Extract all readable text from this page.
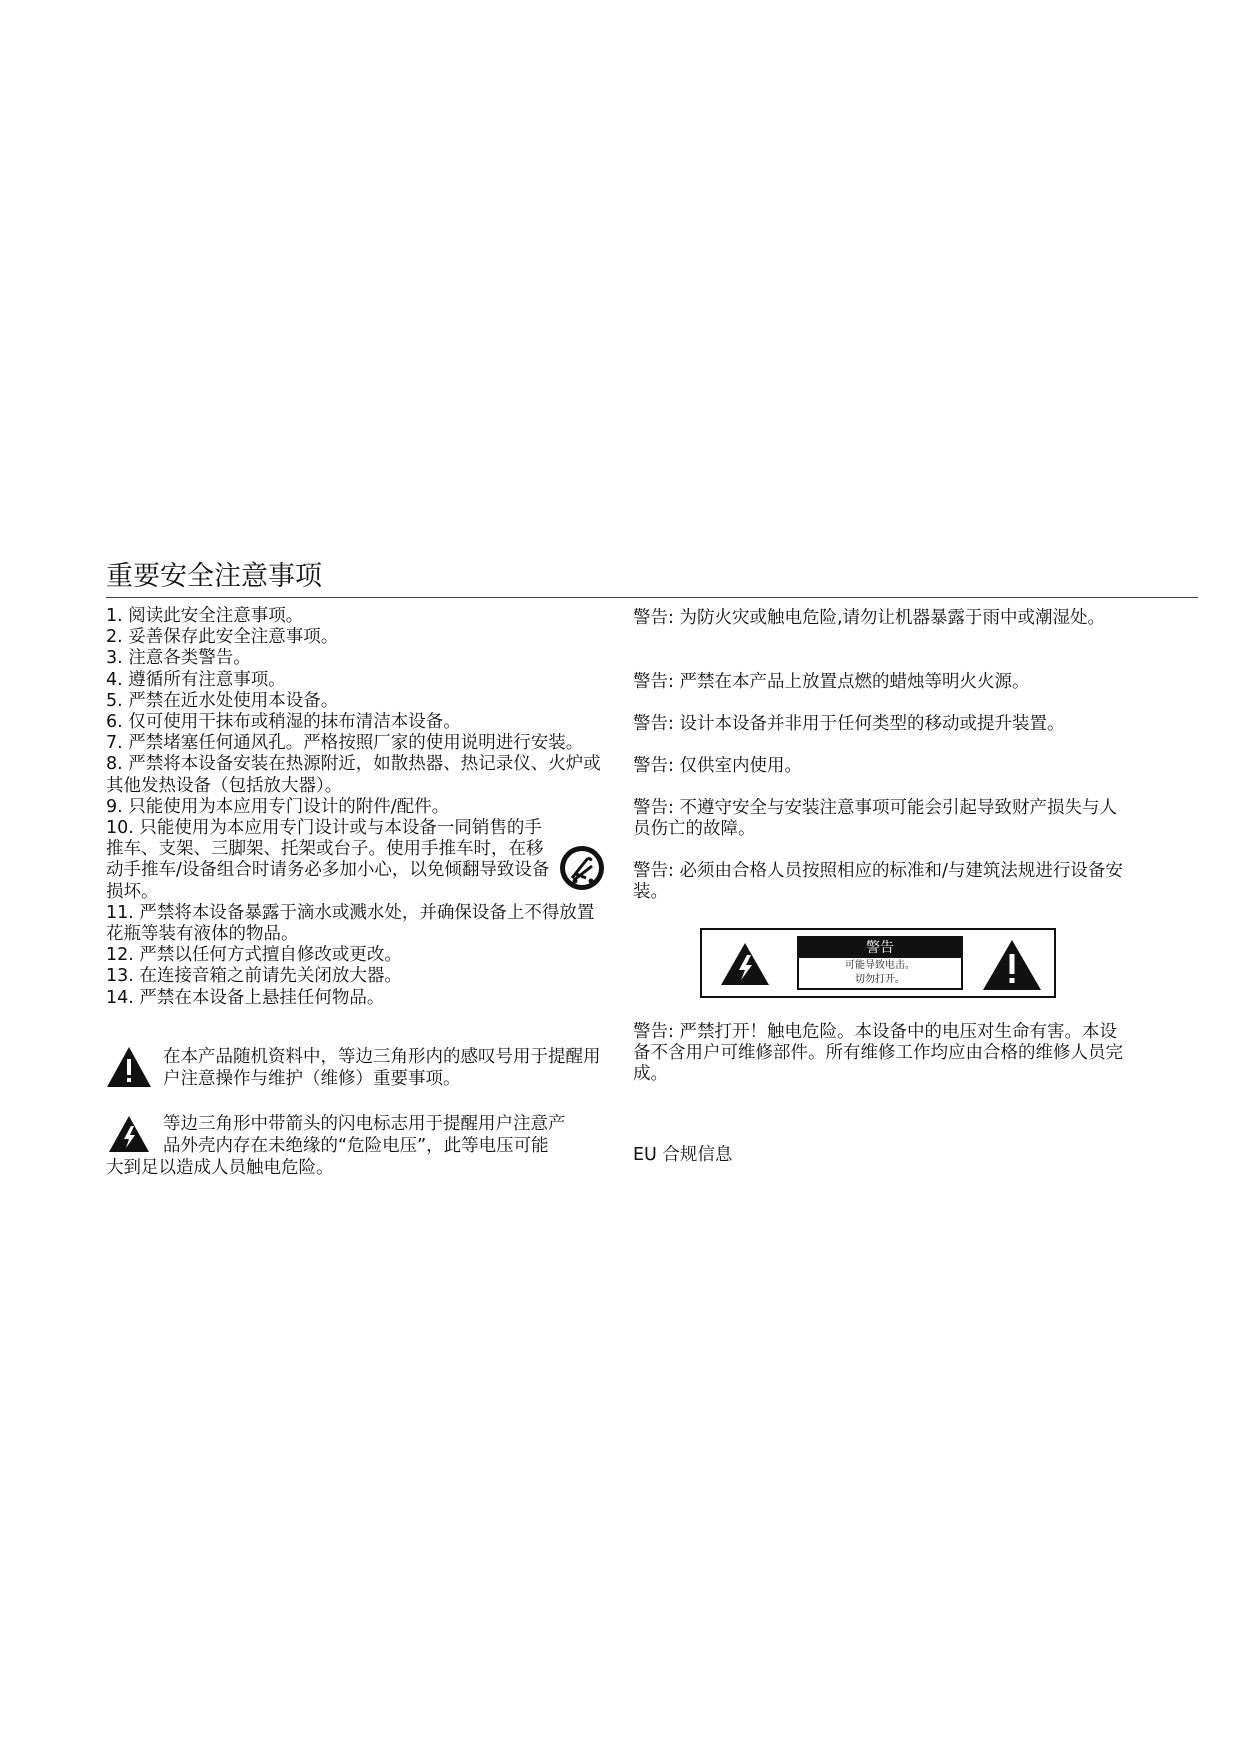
重要安全注意事项

1. 阅读此安全注意事项。

2. 妥善保存此安全注意事项。

3. 注意各类警告。

4. 遵循所有注意事项。

5. 严禁在近水处使用本设备。

6. 仅可使用干抹布或稍湿的抹布清洁本设备。

7. 严禁堵塞任何通风孔。严格按照厂家的使用说明进行安装。

8. 严禁将本设备安装在热源附近，如散热器、热记录仪、火炉或其他发热设备（包括放大器）。

9. 只能使用为本应用专门设计的附件/配件。

10. 只能使用为本应用专门设计或与本设备一同销售的手推车、支架、三脚架、托架或台子。使用手推车时，在移动手推车/设备组合时请务必多加小心，以免倾翻导致设备损坏。

11. 严禁将本设备暴露于滴水或溅水处，并确保设备上不得放置花瓶等装有液体的物品。

12. 严禁以任何方式擅自修改或更改。

13. 在连接音箱之前请先关闭放大器。

14. 严禁在本设备上悬挂任何物品。

在本产品随机资料中，等边三角形内的感叹号用于提醒用户注意操作与维护（维修）重要事项。

等边三角形中带箭头的闪电标志用于提醒用户注意产

品外壳内存在未绝缘的“危险电压”，此等电压可能

大到足以造成人员触电危险。

警告: 为防火灾或触电危险,请勿让机器暴露于雨中或潮湿处。

警告: 严禁在本产品上放置点燃的蜡烛等明火火源。

警告: 设计本设备并非用于任何类型的移动或提升装置。

警告: 仅供室内使用。

警告: 不遵守安全与安装注意事项可能会引起导致财产损失与人员伤亡的故障。

警告: 必须由合格人员按照相应的标准和/与建筑法规进行设备安装。

警告
可能导致电击。
切勿打开。

警告: 严禁打开！触电危险。本设备中的电压对生命有害。本设备不含用户可维修部件。所有维修工作均应由合格的维修人员完成。

EU 合规信息
